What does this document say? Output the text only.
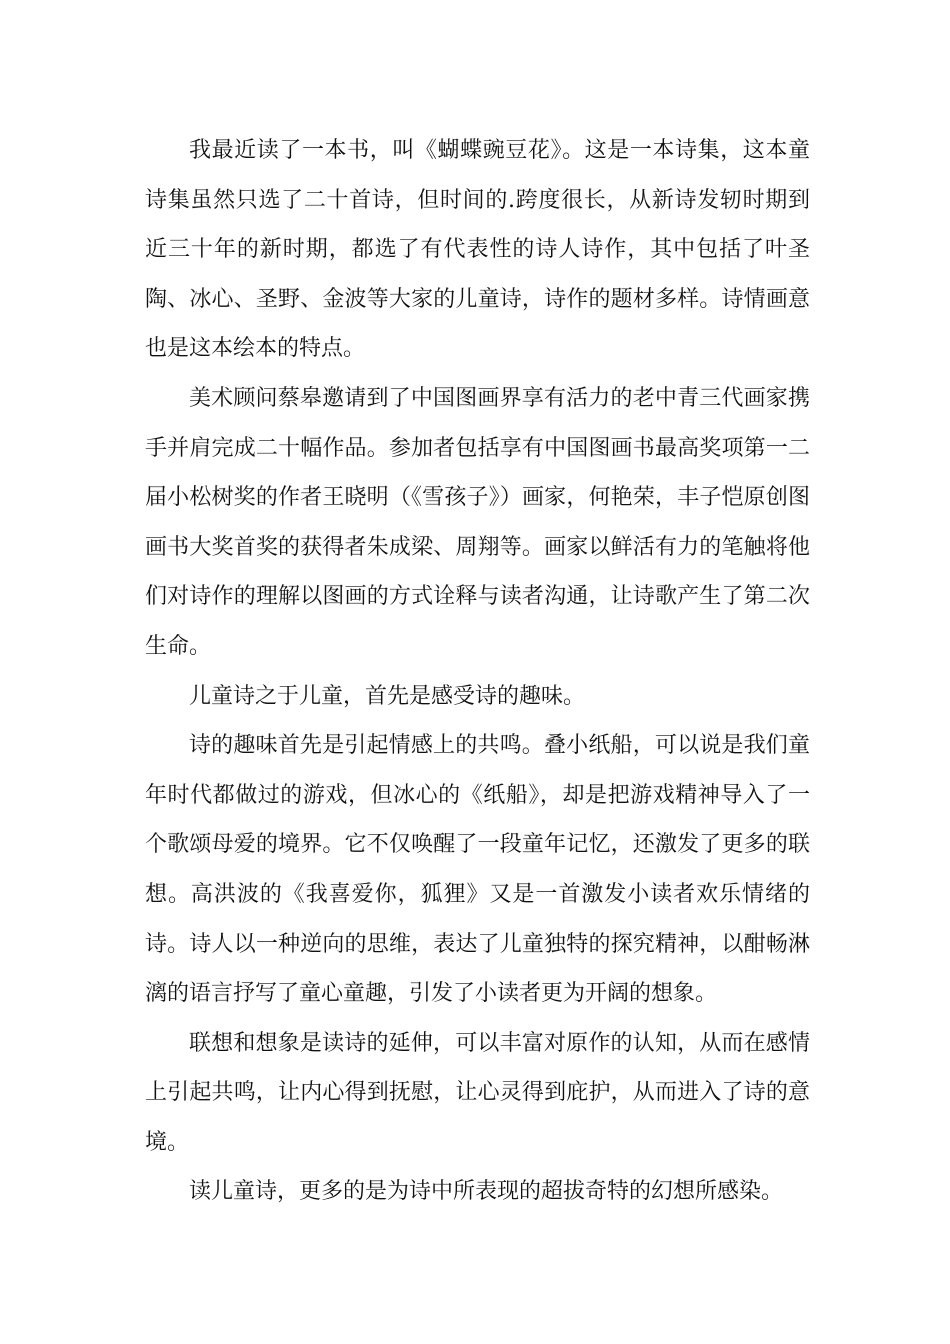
我最近读了一本书，叫《蝴蝶豌豆花》。这是一本诗集，这本童诗集虽然只选了二十首诗，但时间的.跨度很长，从新诗发轫时期到近三十年的新时期，都选了有代表性的诗人诗作，其中包括了叶圣陶、冰心、圣野、金波等大家的儿童诗，诗作的题材多样。诗情画意也是这本绘本的特点。

美术顾问蔡皋邀请到了中国图画界享有活力的老中青三代画家携手并肩完成二十幅作品。参加者包括享有中国图画书最高奖项第一二届小松树奖的作者王晓明（《雪孩子》）画家，何艳荣，丰子恺原创图画书大奖首奖的获得者朱成梁、周翔等。画家以鲜活有力的笔触将他们对诗作的理解以图画的方式诠释与读者沟通，让诗歌产生了第二次生命。

儿童诗之于儿童，首先是感受诗的趣味。

诗的趣味首先是引起情感上的共鸣。叠小纸船，可以说是我们童年时代都做过的游戏，但冰心的《纸船》，却是把游戏精神导入了一个歌颂母爱的境界。它不仅唤醒了一段童年记忆，还激发了更多的联想。高洪波的《我喜爱你，狐狸》又是一首激发小读者欢乐情绪的诗。诗人以一种逆向的思维，表达了儿童独特的探究精神，以酣畅淋漓的语言抒写了童心童趣，引发了小读者更为开阔的想象。

联想和想象是读诗的延伸，可以丰富对原作的认知，从而在感情上引起共鸣，让内心得到抚慰，让心灵得到庇护，从而进入了诗的意境。

读儿童诗，更多的是为诗中所表现的超拔奇特的幻想所感染。
